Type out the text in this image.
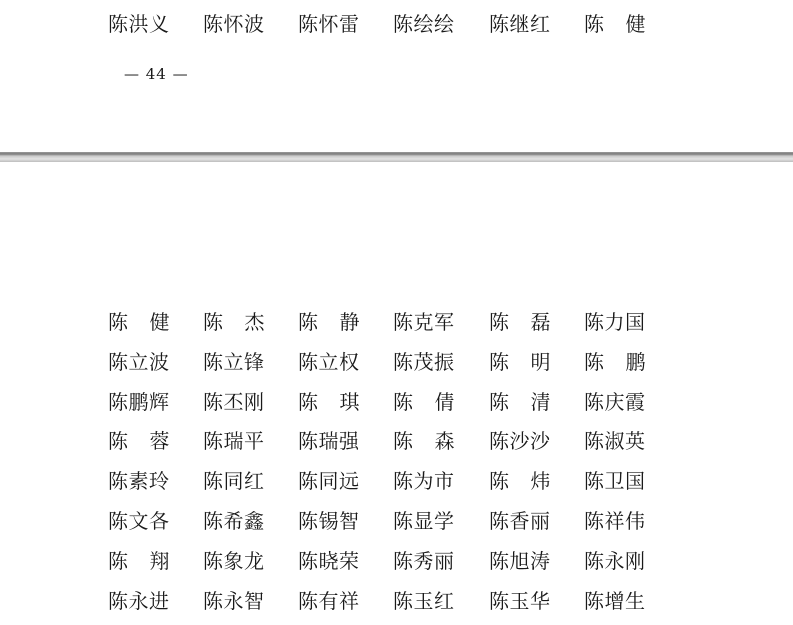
陈洪义 陈怀波 陈怀雷 陈绘绘 陈继红 陈 健
— 44 —
陈 健 陈 杰 陈 静 陈克军 陈 磊 陈力国
陈立波 陈立锋 陈立权 陈茂振 陈 明 陈 鹏
陈鹏辉 陈丕刚 陈 琪 陈 倩 陈 清 陈庆霞
陈 蓉 陈瑞平 陈瑞强 陈 森 陈沙沙 陈淑英
陈素玲 陈同红 陈同远 陈为市 陈 炜 陈卫国
陈文各 陈希鑫 陈锡智 陈显学 陈香丽 陈祥伟
陈 翔 陈象龙 陈晓荣 陈秀丽 陈旭涛 陈永刚
陈永进 陈永智 陈有祥 陈玉红 陈玉华 陈增生
